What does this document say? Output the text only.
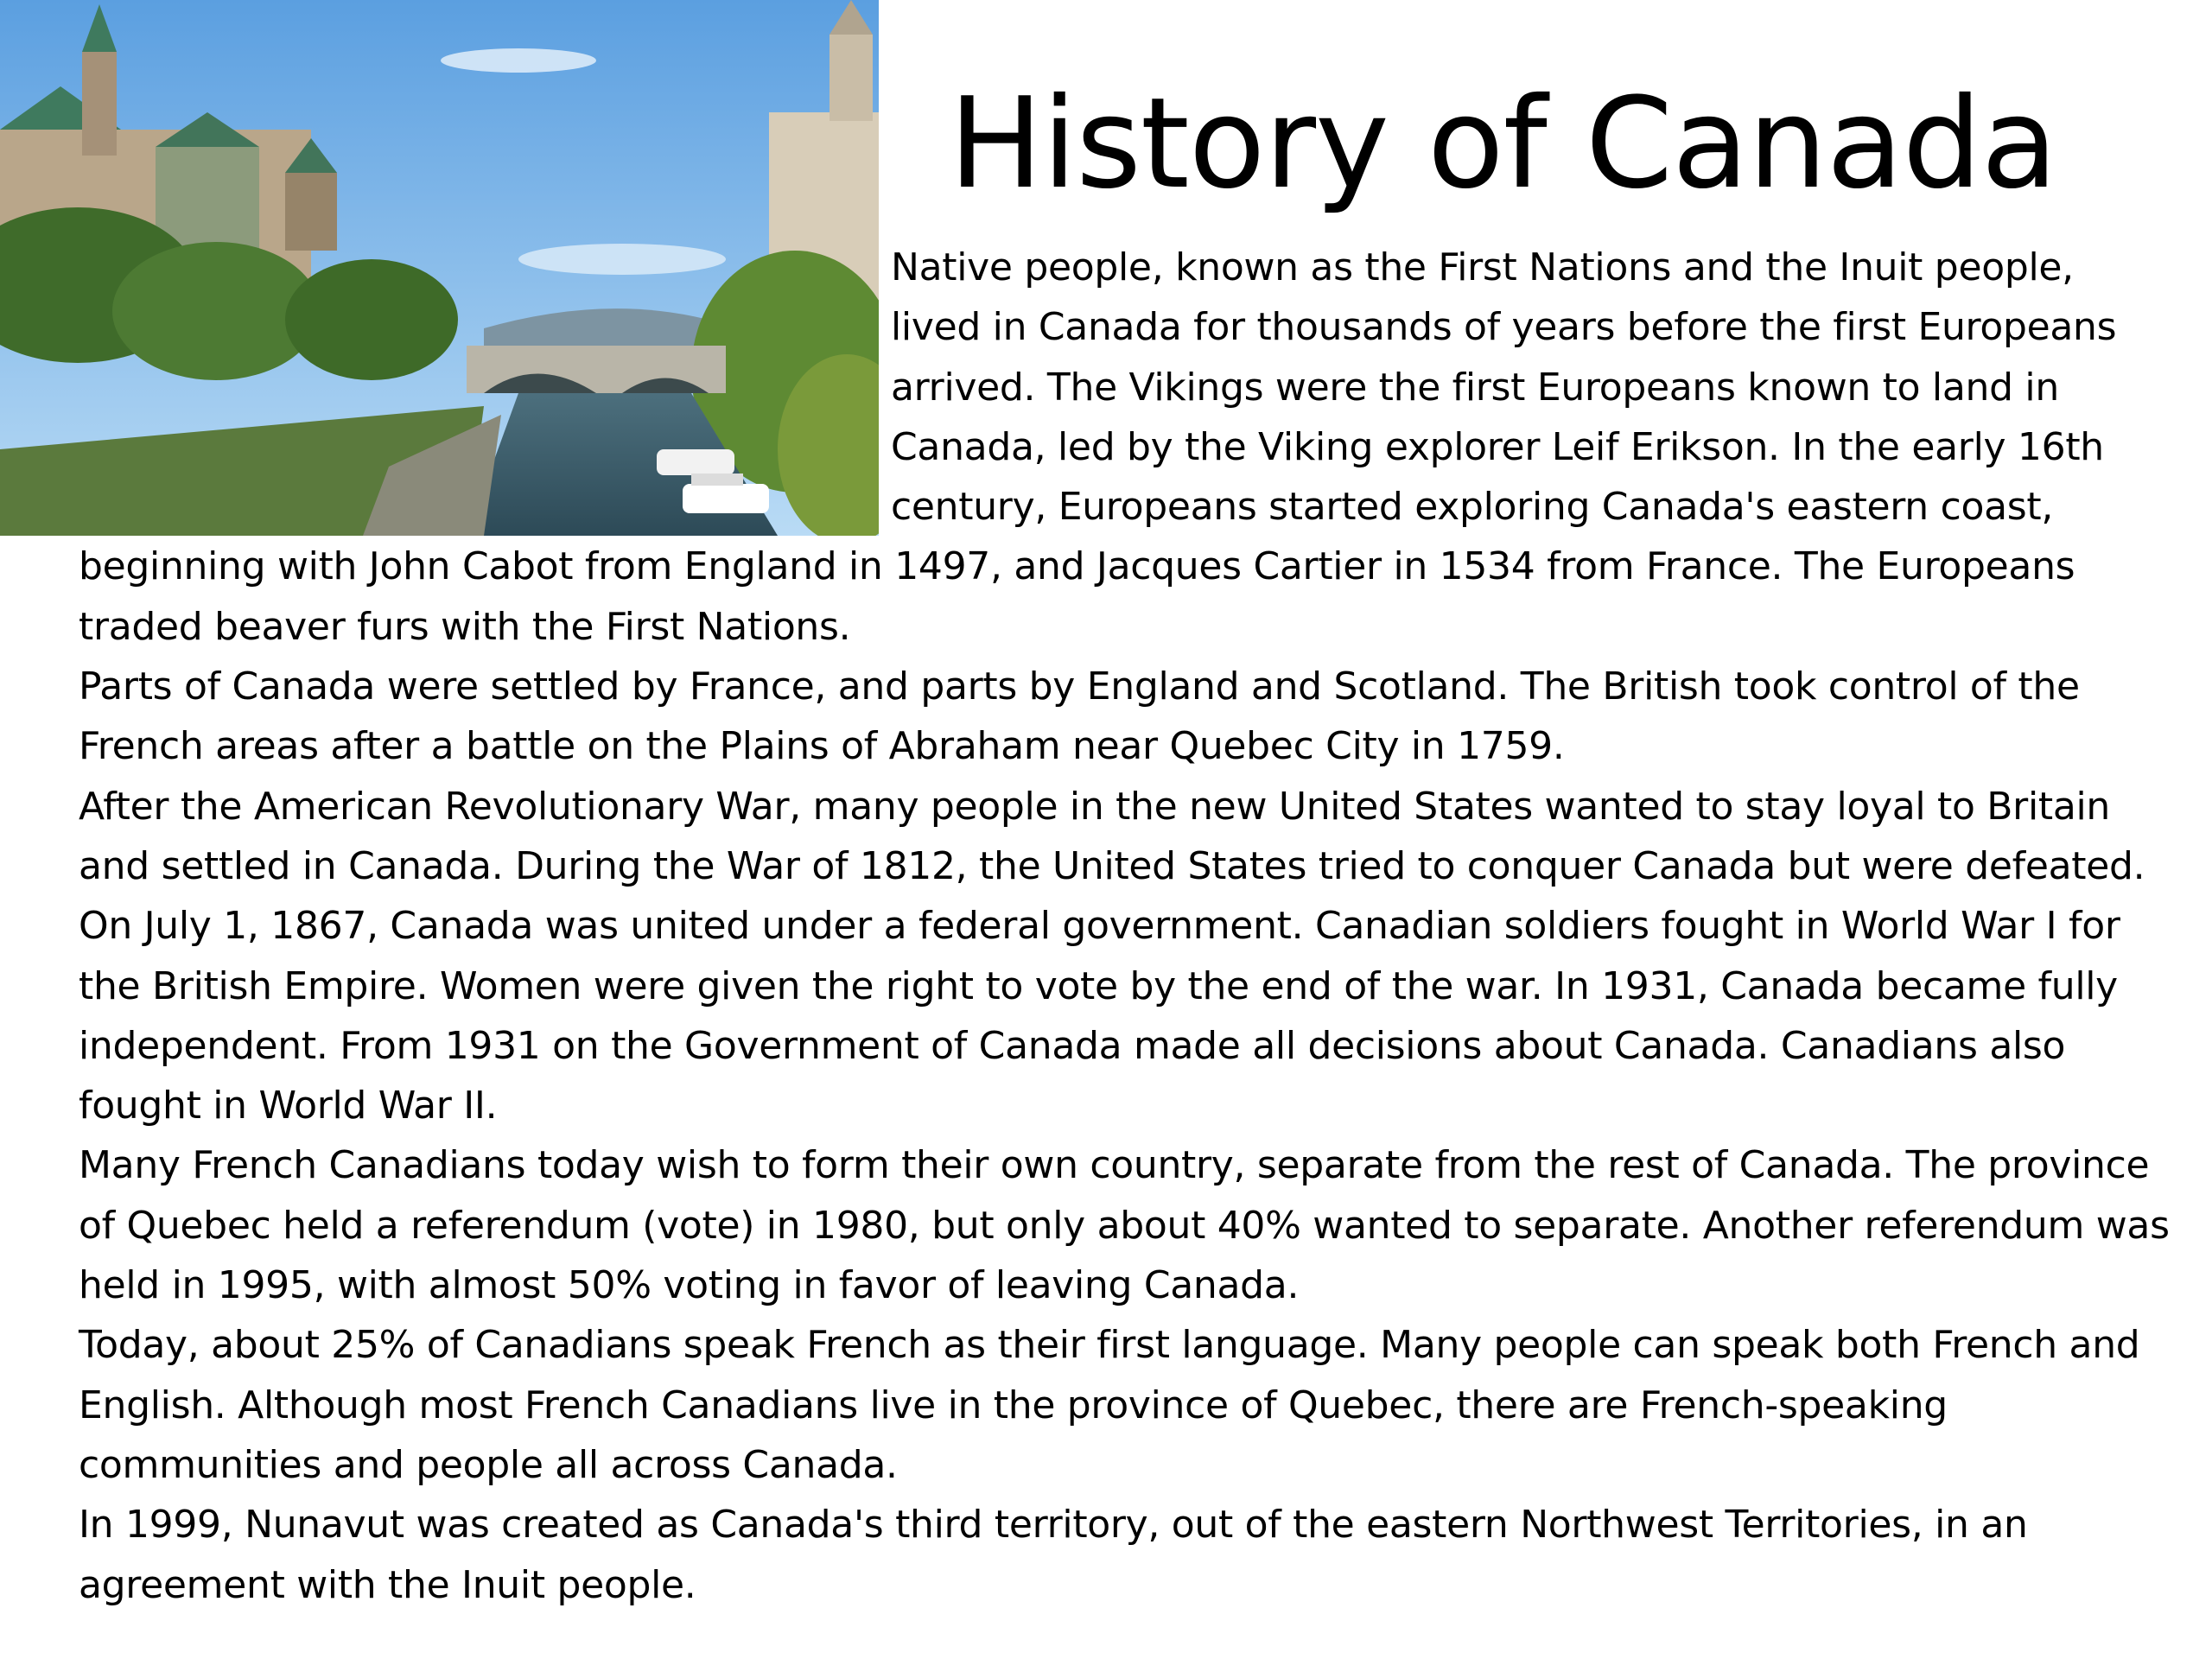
History of Canada

Native people, known as the First Nations and the Inuit people, lived in Canada for thousands of years before the first Europeans arrived. The Vikings were the first Europeans known to land in Canada, led by the Viking explorer Leif Erikson. In the early 16th century, Europeans started exploring Canada's eastern coast, beginning with John Cabot from England in 1497, and Jacques Cartier in 1534 from France. The Europeans traded beaver furs with the First Nations.

Parts of Canada were settled by France, and parts by England and Scotland. The British took control of the French areas after a battle on the Plains of Abraham near Quebec City in 1759.

After the American Revolutionary War, many people in the new United States wanted to stay loyal to Britain and settled in Canada. During the War of 1812, the United States tried to conquer Canada but were defeated. On July 1, 1867, Canada was united under a federal government. Canadian soldiers fought in World War I for the British Empire. Women were given the right to vote by the end of the war. In 1931, Canada became fully independent. From 1931 on the Government of Canada made all decisions about Canada. Canadians also fought in World War II.

Many French Canadians today wish to form their own country, separate from the rest of Canada. The province of Quebec held a referendum (vote) in 1980, but only about 40% wanted to separate. Another referendum was held in 1995, with almost 50% voting in favor of leaving Canada.

Today, about 25% of Canadians speak French as their first language. Many people can speak both French and English. Although most French Canadians live in the province of Quebec, there are French-speaking communities and people all across Canada.

In 1999, Nunavut was created as Canada's third territory, out of the eastern Northwest Territories, in an agreement with the Inuit people.
